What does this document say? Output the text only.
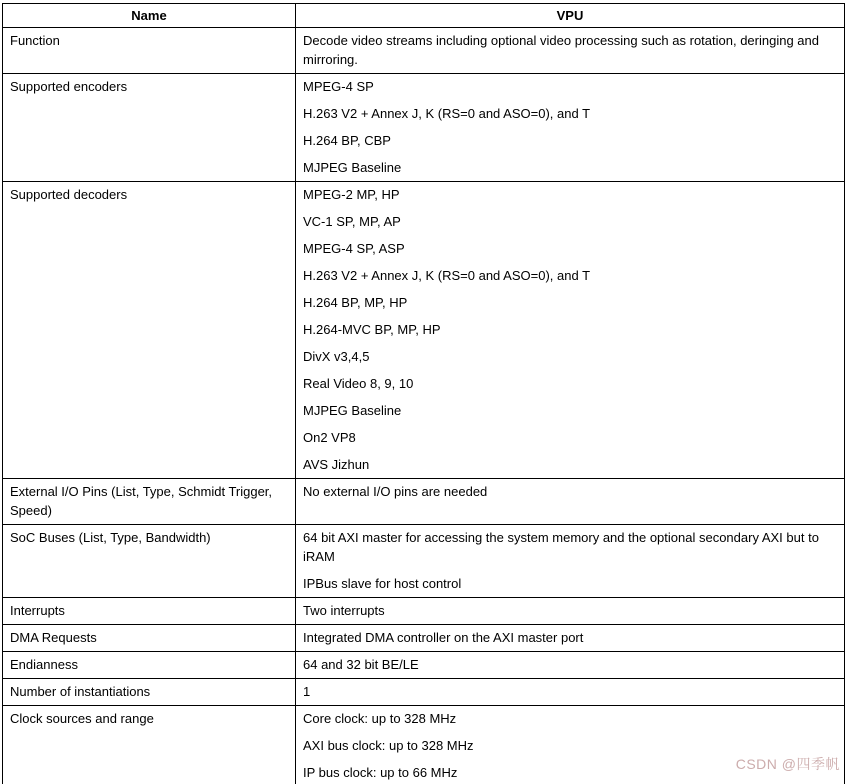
Name	VPU
Function	Decode video streams including optional video processing such as rotation, deringing and mirroring.

Supported encoders	MPEG-4 SP

H.263 V2 + Annex J, K (RS=0 and ASO=0), and T

H.264 BP, CBP

MJPEG Baseline

Supported decoders	MPEG-2 MP, HP

VC-1 SP, MP, AP

MPEG-4 SP, ASP

H.263 V2 + Annex J, K (RS=0 and ASO=0), and T

H.264 BP, MP, HP

H.264-MVC BP, MP, HP

DivX v3,4,5

Real Video 8, 9, 10

MJPEG Baseline

On2 VP8

AVS Jizhun

External I/O Pins (List, Type, Schmidt Trigger, Speed)	No external I/O pins are needed

SoC Buses (List, Type, Bandwidth)	64 bit AXI master for accessing the system memory and the optional secondary AXI but to iRAM

IPBus slave for host control

Interrupts	Two interrupts

DMA Requests	Integrated DMA controller on the AXI master port

Endianness	64 and 32 bit BE/LE

Number of instantiations	1

Clock sources and range	Core clock: up to 328 MHz

AXI bus clock: up to 328 MHz

IP bus clock: up to 66 MHz

CSDN @四季帆
